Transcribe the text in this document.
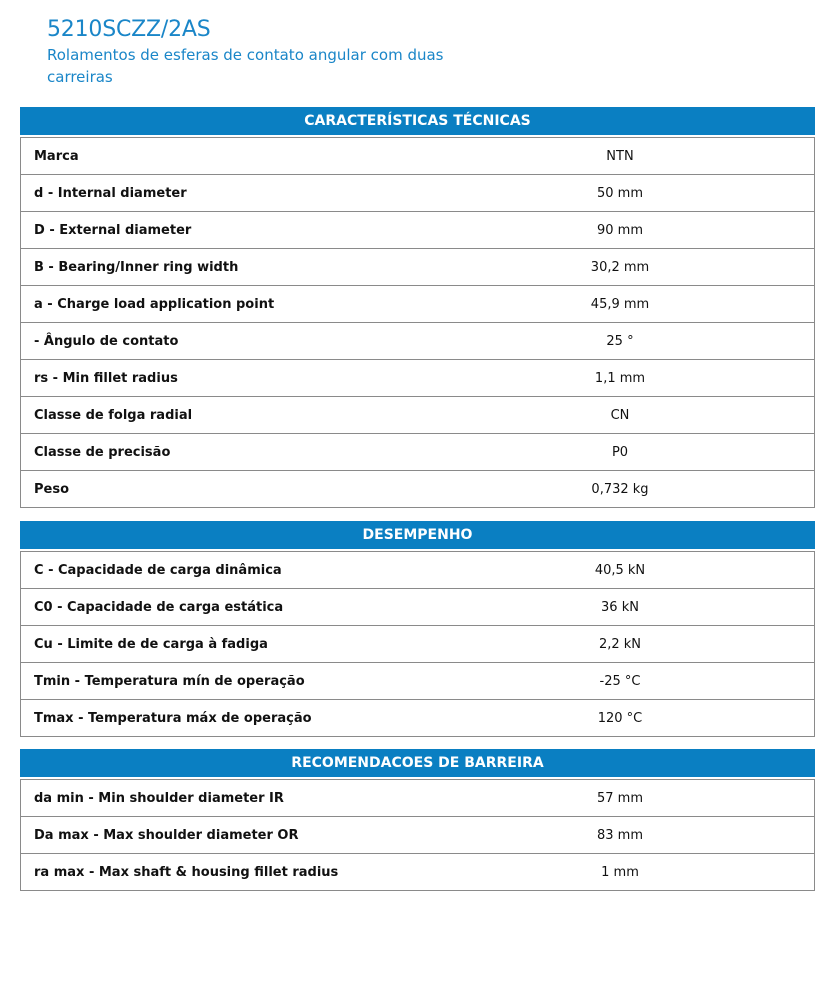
5210SCZZ/2AS

Rolamentos de esferas de contato angular com duas carreiras

CARACTERÍSTICAS TÉCNICAS
Marca	NTN
d - Internal diameter	50 mm
D - External diameter	90 mm
B - Bearing/Inner ring width	30,2 mm
a - Charge load application point	45,9 mm
- Ângulo de contato	25 °
rs - Min fillet radius	1,1 mm
Classe de folga radial	CN
Classe de precisão	P0
Peso	0,732 kg
DESEMPENHO
C - Capacidade de carga dinâmica	40,5 kN
C0 - Capacidade de carga estática	36 kN
Cu - Limite de de carga à fadiga	2,2 kN
Tmin - Temperatura mín de operação	-25 °C
Tmax - Temperatura máx de operação	120 °C
RECOMENDACOES DE BARREIRA
da min - Min shoulder diameter IR	57 mm
Da max - Max shoulder diameter OR	83 mm
ra max - Max shaft & housing fillet radius	1 mm
